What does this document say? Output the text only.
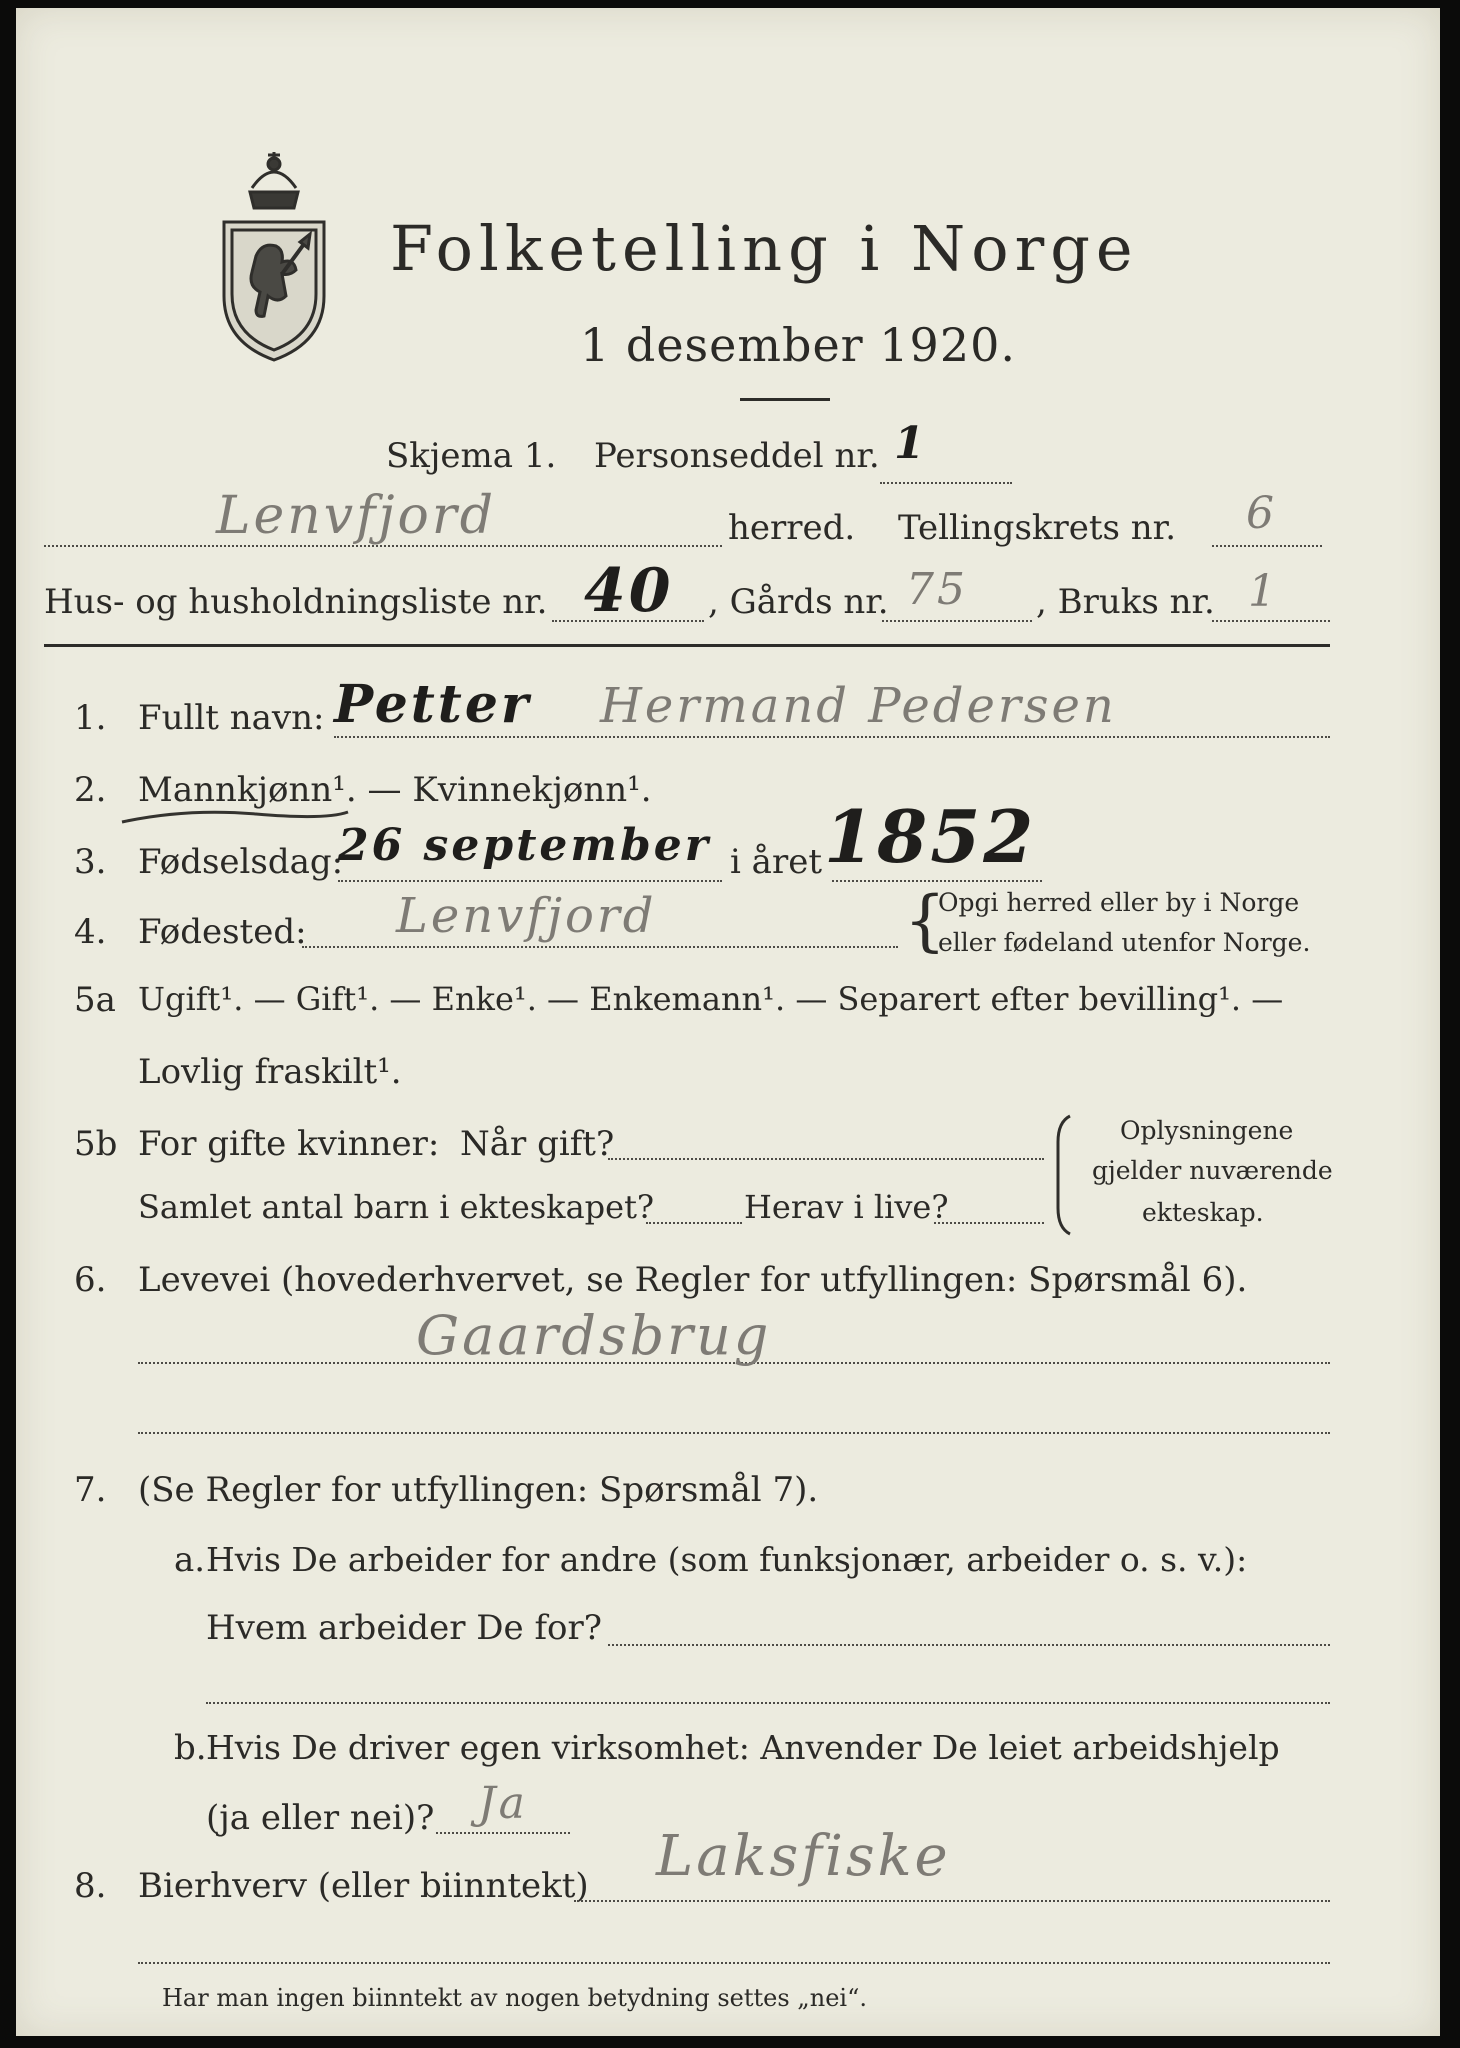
Folketelling i Norge
1 desember 1920.
Skjema 1. Personseddel nr. 1
Lenvfjord	herred. Tellingskrets nr. 6
Hus- og husholdningsliste nr. 40 , Gårds nr. 75 , Bruks nr. 1
1. Fullt navn: Petter Hermand Pedersen
2. Mannkjønn¹. — Kvinnekjønn¹.
3. Fødselsdag:
26 september i året 1852
4. Fødested: Lenvfjord	{
Opgi herred eller by i Norge
eller fødeland utenfor Norge.
5a Ugift¹. — Gift¹. — Enke¹. — Enkemann¹. — Separert efter bevilling¹. —
Lovlig fraskilt¹.
5b For gifte kvinner: Når gift?
Samlet antal barn i ekteskapet?	Herav i live?
Oplysningene
gjelder nuværende
ekteskap.
6. Levevei (hovederhvervet, se Regler for utfyllingen: Spørsmål 6).
Gaardsbrug
7. (Se Regler for utfyllingen: Spørsmål 7).
a. Hvis De arbeider for andre (som funksjonær, arbeider o. s. v.):
Hvem arbeider De for?
b. Hvis De driver egen virksomhet: Anvender De leiet arbeidshjelp
(ja eller nei)? Ja
8. Bierhverv (eller biinntekt) Laksfiske
Har man ingen biinntekt av nogen betydning settes „nei“.
